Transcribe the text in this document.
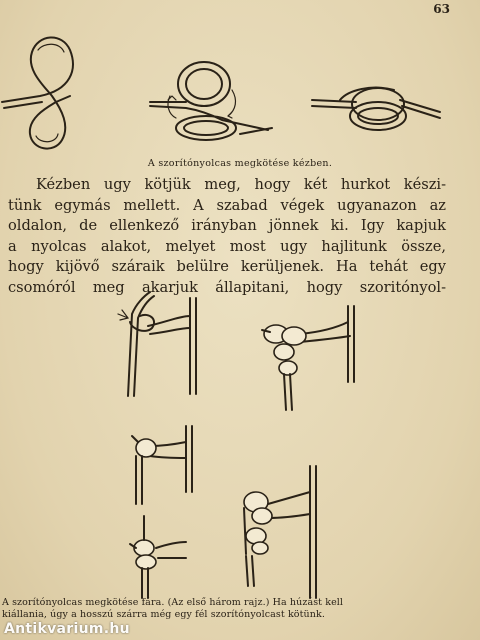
63
A szorítónyolcas megkötése kézben.
Kézben ugy kötjük meg, hogy két hurkot készi-
tünk egymás mellett. A szabad végek ugyanazon az
oldalon, de ellenkező irányban jönnek ki. Igy kapjuk
a nyolcas alakot, melyet most ugy hajlitunk össze,
hogy kijövő száraik belülre kerüljenek. Ha tehát egy
csomóról meg akarjuk állapitani, hogy szoritónyol-
A szorítónyolcas megkötése fára. (Az első három rajz.) Ha húzást kell
kiállania, úgy a hosszú szárra még egy fél szorítónyolcast kötünk.
Antikvarium.hu
